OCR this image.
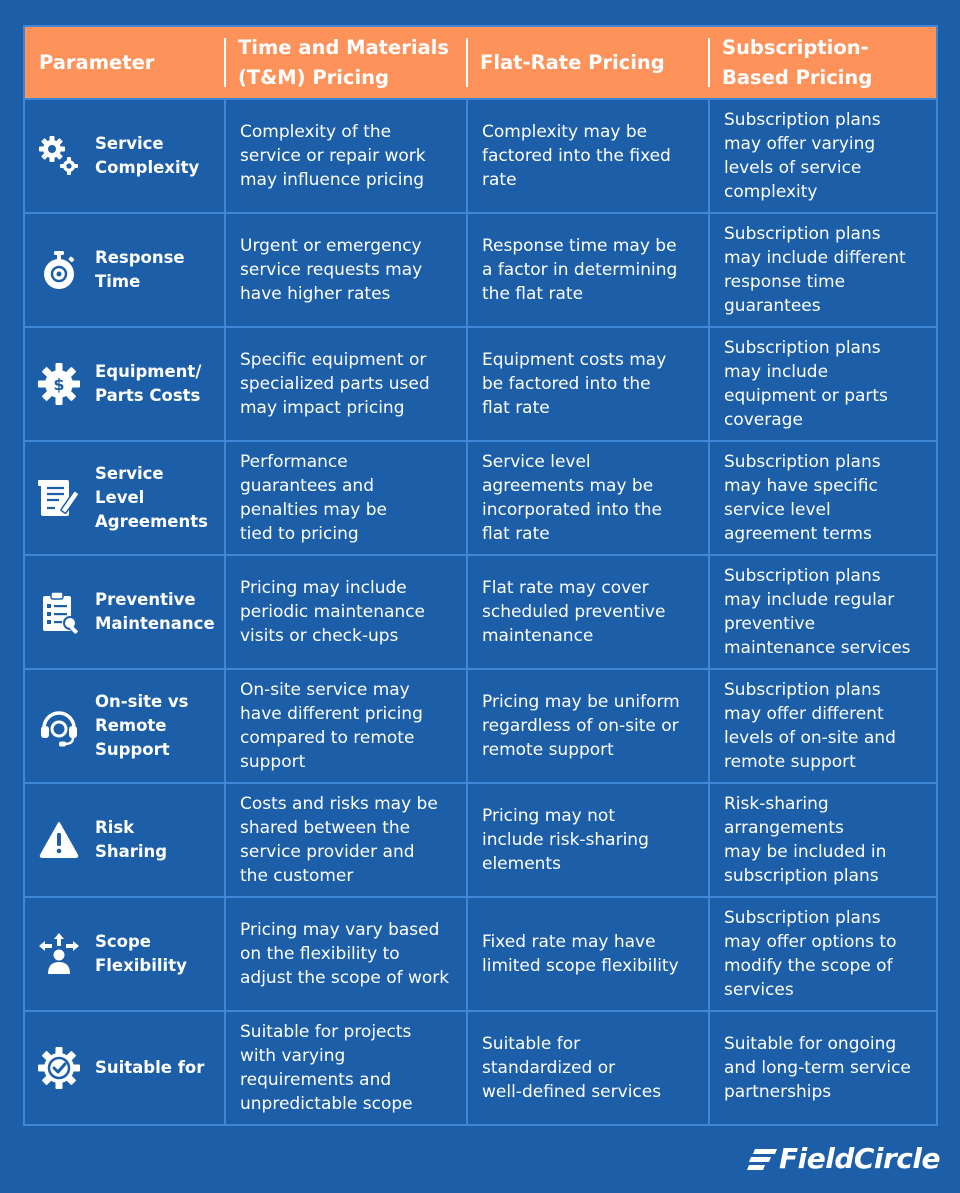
Parameter
Time and Materials
(T&M) Pricing
Flat-Rate Pricing
Subscription-
Based Pricing
Service
Complexity
Complexity of the
service or repair work
may influence pricing
Complexity may be
factored into the fixed
rate
Subscription plans
may offer varying
levels of service
complexity
Response
Time
Urgent or emergency
service requests may
have higher rates
Response time may be
a factor in determining
the flat rate
Subscription plans
may include different
response time
guarantees
$
Equipment/
Parts Costs
Specific equipment or
specialized parts used
may impact pricing
Equipment costs may
be factored into the
flat rate
Subscription plans
may include
equipment or parts
coverage
Service Level
Agreements
Performance
guarantees and
penalties may be
tied to pricing
Service level
agreements may be
incorporated into the
flat rate
Subscription plans
may have specific
service level
agreement terms
Preventive
Maintenance
Pricing may include
periodic maintenance
visits or check-ups
Flat rate may cover
scheduled preventive
maintenance
Subscription plans
may include regular
preventive
maintenance services
On-site vs
Remote
Support
On-site service may
have different pricing
compared to remote
support
Pricing may be uniform
regardless of on-site or
remote support
Subscription plans
may offer different
levels of on-site and
remote support
Risk
Sharing
Costs and risks may be
shared between the
service provider and
the customer
Pricing may not
include risk-sharing
elements
Risk-sharing
arrangements
may be included in
subscription plans
Scope
Flexibility
Pricing may vary based
on the flexibility to
adjust the scope of work
Fixed rate may have
limited scope flexibility
Subscription plans
may offer options to
modify the scope of
services
Suitable for
Suitable for projects
with varying
requirements and
unpredictable scope
Suitable for
standardized or
well-defined services
Suitable for ongoing
and long-term service
partnerships
FieldCircle
